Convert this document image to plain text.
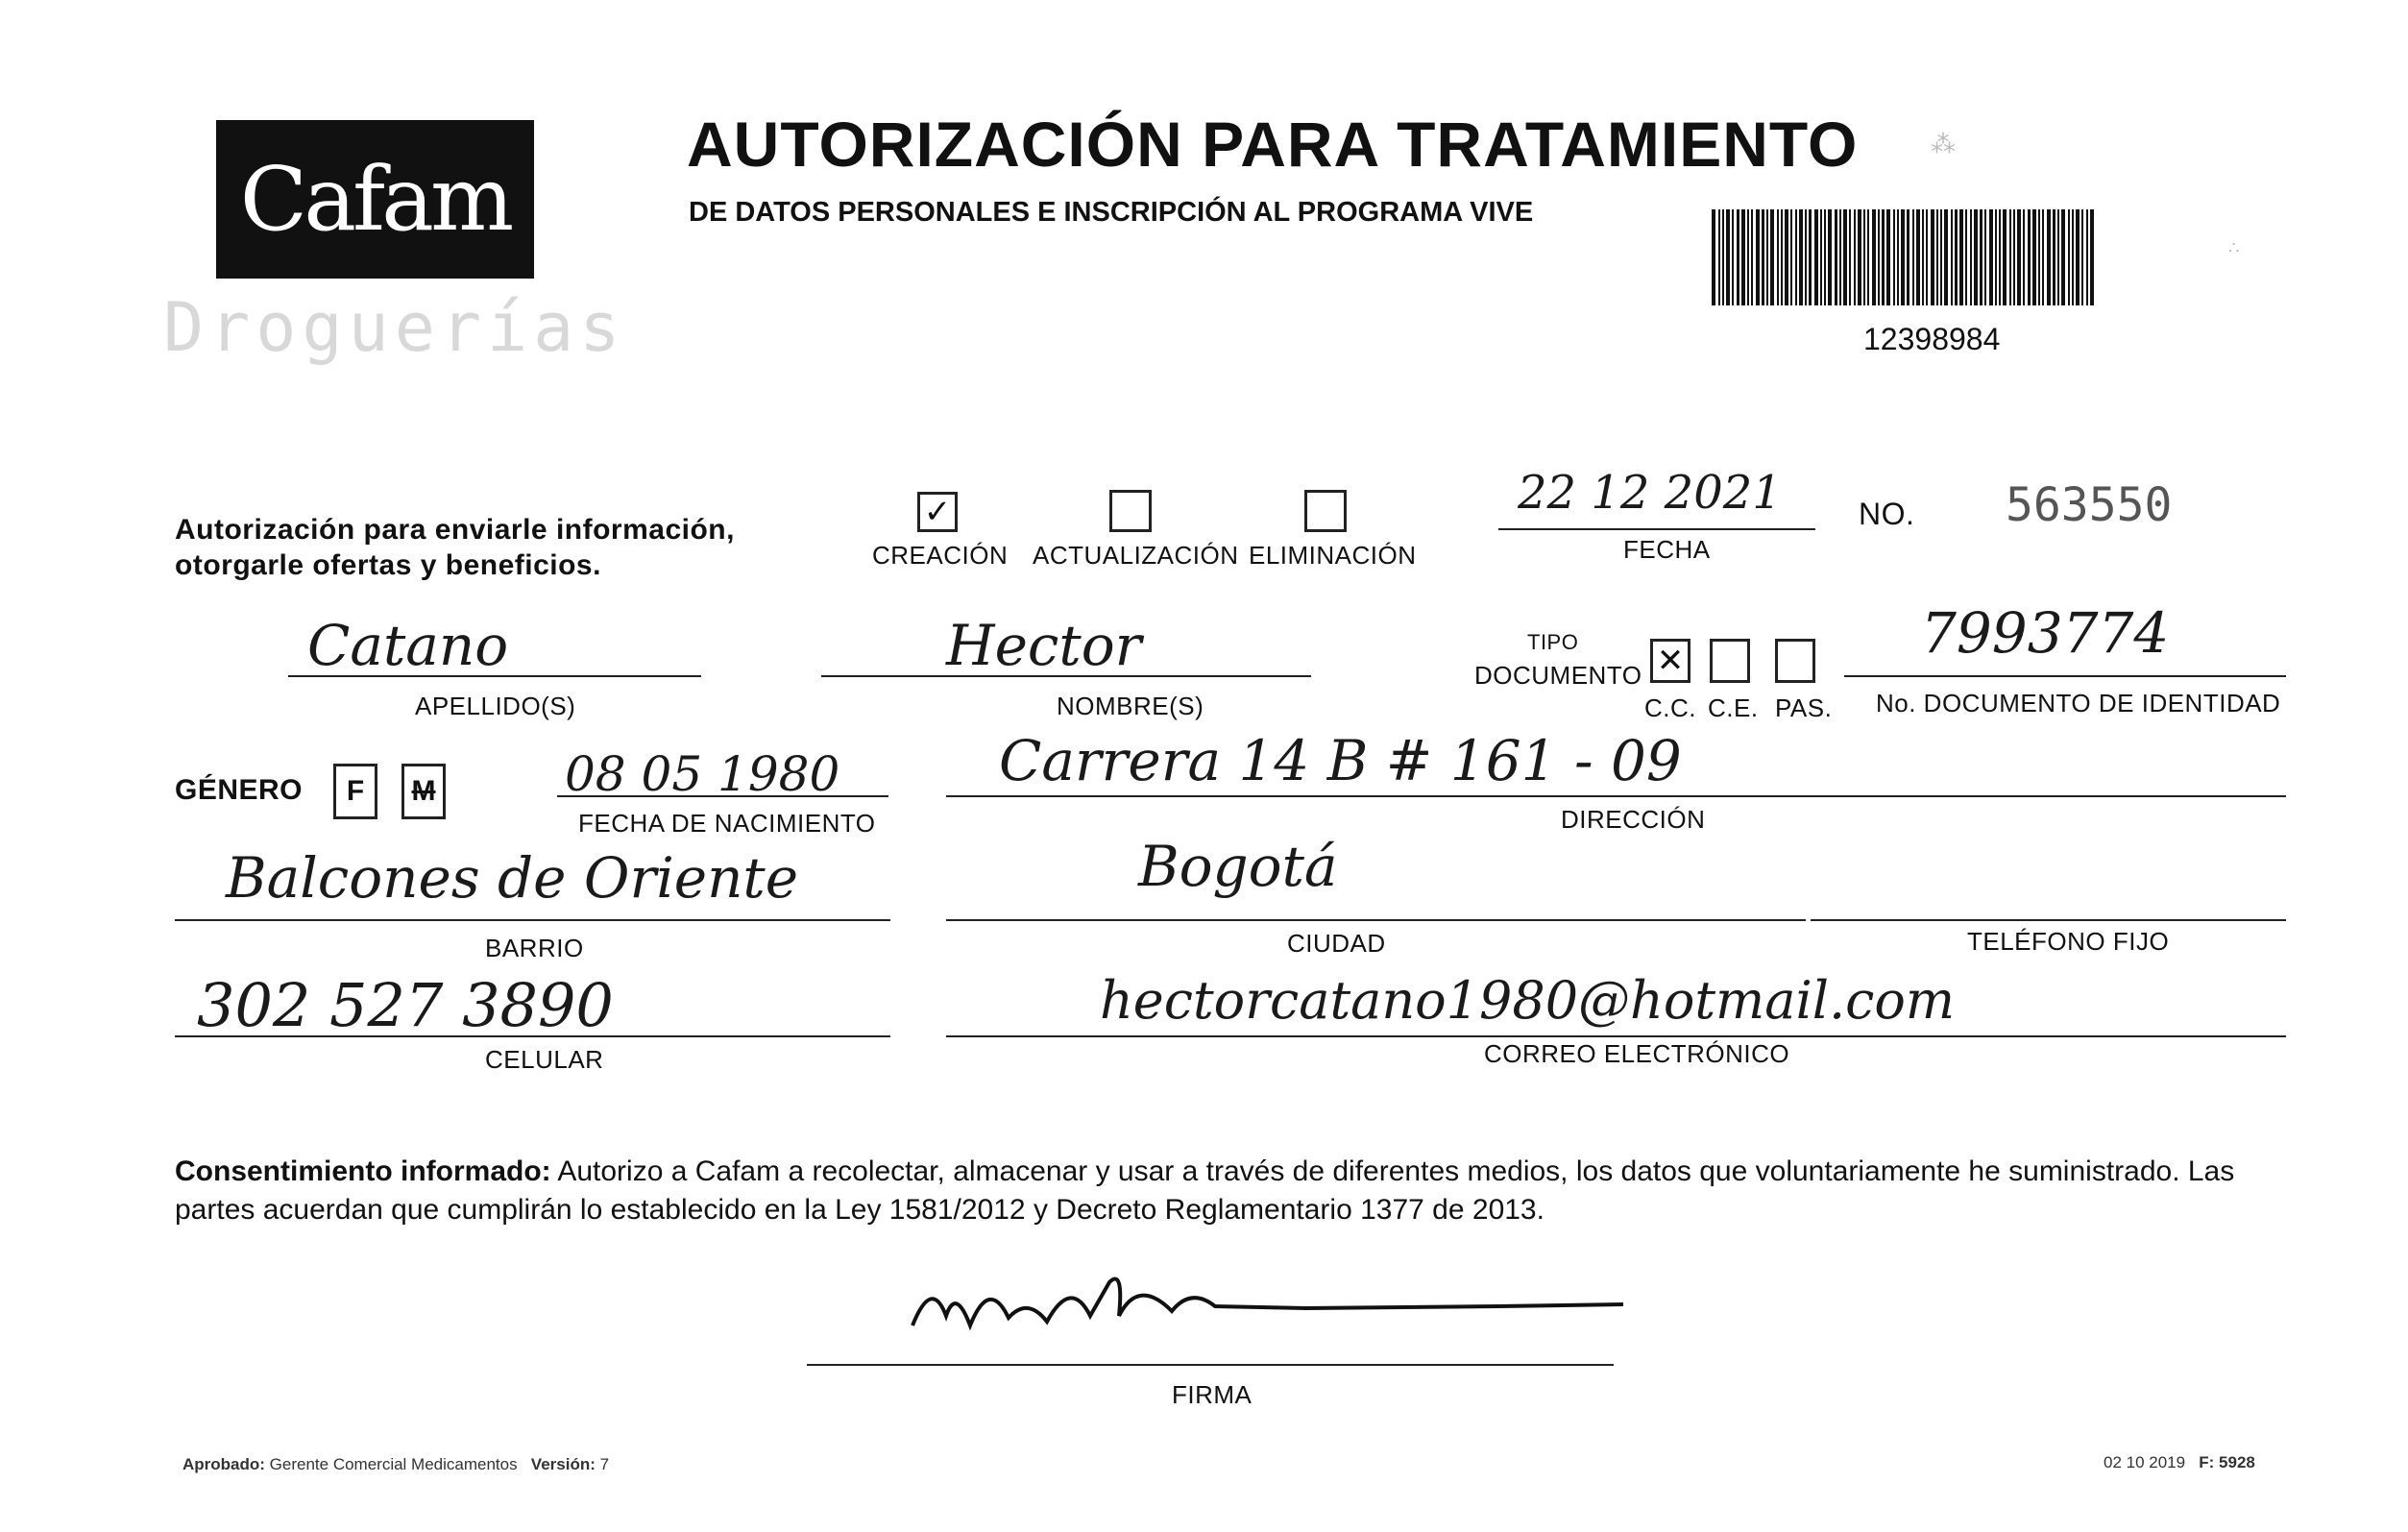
Cafam
Droguerías
AUTORIZACIÓN PARA TRATAMIENTO
DE DATOS PERSONALES E INSCRIPCIÓN AL PROGRAMA VIVE
⁂
∴
12398984
Autorización para enviarle información,
otorgarle ofertas y beneficios.
✓
CREACIÓN ACTUALIZACIÓN ELIMINACIÓN
22 12 2021
FECHA
NO. 563550
Catano
APELLIDO(S)
Hector
NOMBRE(S)
TIPO
DOCUMENTO ✕
C.C. C.E. PAS.
7993774
No. DOCUMENTO DE IDENTIDAD
GÉNERO F M	08 05 1980
FECHA DE NACIMIENTO
Carrera 14 B # 161 - 09
DIRECCIÓN
Balcones de Oriente
BARRIO
Bogotá
CIUDAD	TELÉFONO FIJO
302 527 3890
CELULAR
hectorcatano1980@hotmail.com
CORREO ELECTRÓNICO
Consentimiento informado: Autorizo a Cafam a recolectar, almacenar y usar a través de diferentes medios, los datos que voluntariamente he suministrado. Las partes acuerdan que cumplirán lo establecido en la Ley 1581/2012 y Decreto Reglamentario 1377 de 2013.
FIRMA
Aprobado: Gerente Comercial Medicamentos Versión: 7	02 10 2019 F: 5928
